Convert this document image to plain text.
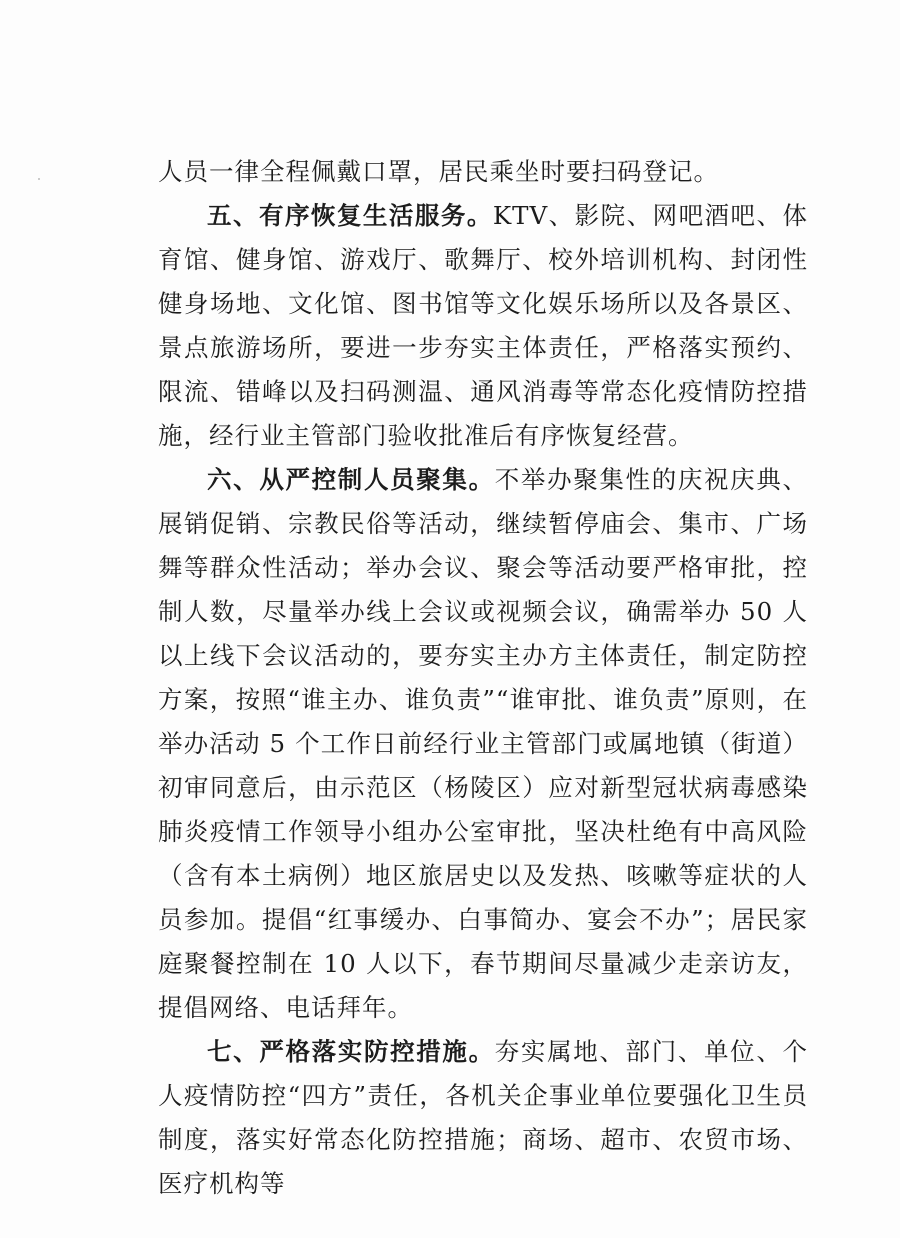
人员一律全程佩戴口罩，居民乘坐时要扫码登记。

五、有序恢复生活服务。KTV、影院、网吧酒吧、体育馆、健身馆、游戏厅、歌舞厅、校外培训机构、封闭性健身场地、文化馆、图书馆等文化娱乐场所以及各景区、景点旅游场所，要进一步夯实主体责任，严格落实预约、限流、错峰以及扫码测温、通风消毒等常态化疫情防控措施，经行业主管部门验收批准后有序恢复经营。

六、从严控制人员聚集。不举办聚集性的庆祝庆典、展销促销、宗教民俗等活动，继续暂停庙会、集市、广场舞等群众性活动；举办会议、聚会等活动要严格审批，控制人数，尽量举办线上会议或视频会议，确需举办 50 人以上线下会议活动的，要夯实主办方主体责任，制定防控方案，按照“谁主办、谁负责”“谁审批、谁负责”原则，在举办活动 5 个工作日前经行业主管部门或属地镇（街道）初审同意后，由示范区（杨陵区）应对新型冠状病毒感染肺炎疫情工作领导小组办公室审批，坚决杜绝有中高风险（含有本土病例）地区旅居史以及发热、咳嗽等症状的人员参加。提倡“红事缓办、白事简办、宴会不办”；居民家庭聚餐控制在 10 人以下，春节期间尽量减少走亲访友，提倡网络、电话拜年。

七、严格落实防控措施。夯实属地、部门、单位、个人疫情防控“四方”责任，各机关企事业单位要强化卫生员制度，落实好常态化防控措施；商场、超市、农贸市场、医疗机构等
